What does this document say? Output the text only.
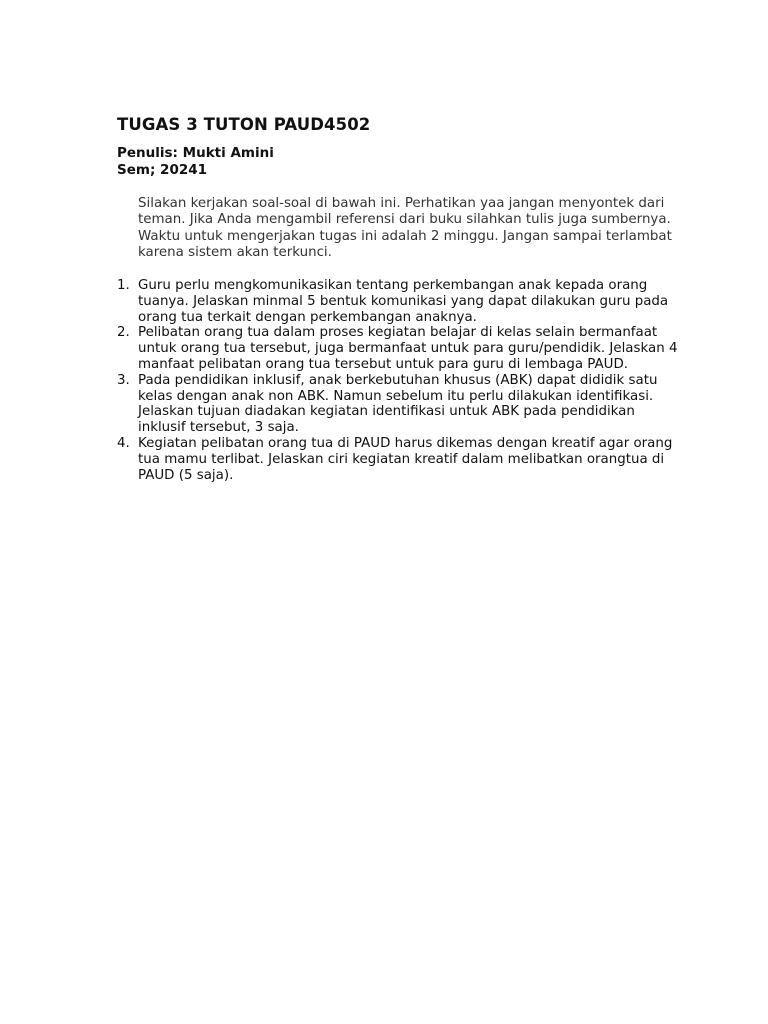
TUGAS 3 TUTON PAUD4502
Penulis: Mukti Amini
Sem; 20241

Silakan kerjakan soal-soal di bawah ini. Perhatikan yaa jangan menyontek dari
teman. Jika Anda mengambil referensi dari buku silahkan tulis juga sumbernya.
Waktu untuk mengerjakan tugas ini adalah 2 minggu. Jangan sampai terlambat
karena sistem akan terkunci.

1. Guru perlu mengkomunikasikan tentang perkembangan anak kepada orang
tuanya. Jelaskan minmal 5 bentuk komunikasi yang dapat dilakukan guru pada
orang tua terkait dengan perkembangan anaknya.
2. Pelibatan orang tua dalam proses kegiatan belajar di kelas selain bermanfaat
untuk orang tua tersebut, juga bermanfaat untuk para guru/pendidik. Jelaskan 4
manfaat pelibatan orang tua tersebut untuk para guru di lembaga PAUD.
3. Pada pendidikan inklusif, anak berkebutuhan khusus (ABK) dapat dididik satu
kelas dengan anak non ABK. Namun sebelum itu perlu dilakukan identifikasi.
Jelaskan tujuan diadakan kegiatan identifikasi untuk ABK pada pendidikan
inklusif tersebut, 3 saja.
4. Kegiatan pelibatan orang tua di PAUD harus dikemas dengan kreatif agar orang
tua mamu terlibat. Jelaskan ciri kegiatan kreatif dalam melibatkan orangtua di
PAUD (5 saja).
